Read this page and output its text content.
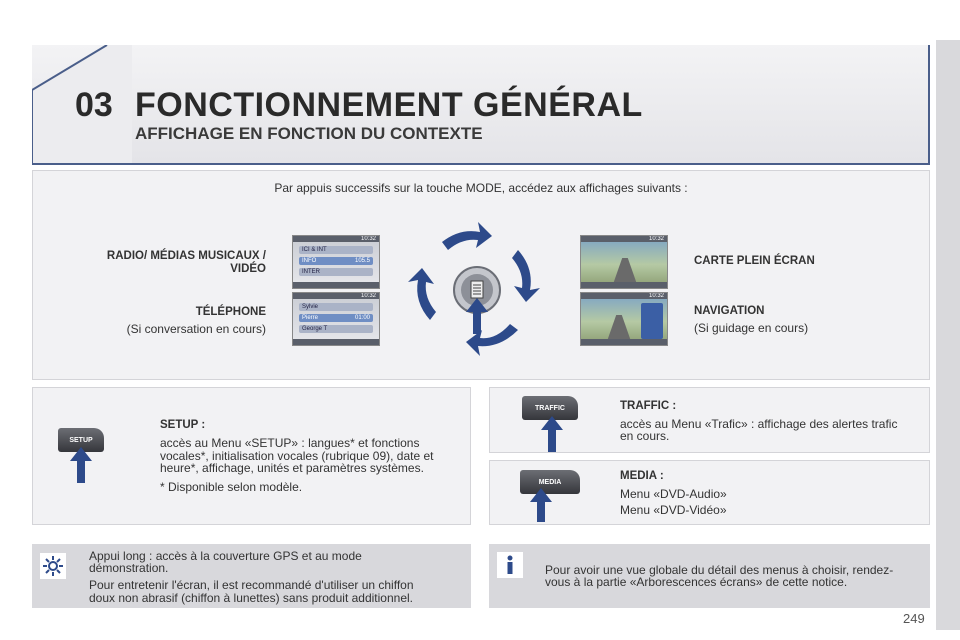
03 FONCTIONNEMENT GÉNÉRAL
AFFICHAGE EN FONCTION DU CONTEXTE
Par appuis successifs sur la touche MODE, accédez aux affichages suivants :
RADIO/ MÉDIAS MUSICAUX /
VIDÉO
TÉLÉPHONE
(Si conversation en cours)
CARTE PLEIN ÉCRAN
NAVIGATION
(Si guidage en cours)
10:32
ICI & INT
INFO	105.5
INTER
10:32
Sylvie
Pierre	01:00
George T
10:32
10:32
SETUP
SETUP :
accès au Menu «SETUP» : langues* et fonctions
vocales*, initialisation vocales (rubrique 09), date et
heure*, affichage, unités et paramètres systèmes.
* Disponible selon modèle.
TRAFFIC	TRAFFIC :
accès au Menu «Trafic» : affichage des alertes trafic
en cours.
MEDIA	MEDIA :
Menu «DVD-Audio»
Menu «DVD-Vidéo»
Appui long : accès à la couverture GPS et au mode
démonstration.
Pour entretenir l'écran, il est recommandé d'utiliser un chiffon
doux non abrasif (chiffon à lunettes) sans produit additionnel.
Pour avoir une vue globale du détail des menus à choisir, rendez-
vous à la partie «Arborescences écrans» de cette notice.
249
